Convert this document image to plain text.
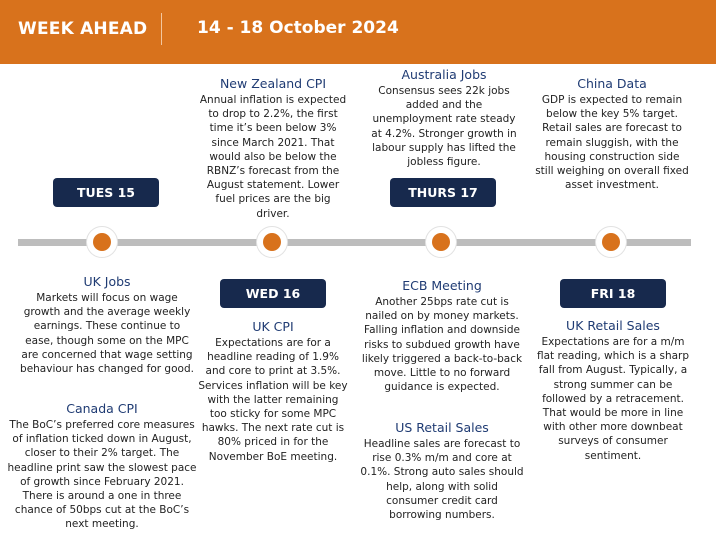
WEEK AHEAD	14 - 18 October 2024
TUES 15
WED 16
THURS 17
FRI 18
New Zealand CPI
Annual inflation is expected to drop to 2.2%, the first time it’s been below 3% since March 2021. That would also be below the RBNZ’s forecast from the August statement. Lower fuel prices are the big driver.
Australia Jobs
Consensus sees 22k jobs added and the unemployment rate steady at 4.2%. Stronger growth in labour supply has lifted the jobless figure.
China Data
GDP is expected to remain below the key 5% target. Retail sales are forecast to remain sluggish, with the housing construction side still weighing on overall fixed asset investment.
UK Jobs
Markets will focus on wage growth and the average weekly earnings. These continue to ease, though some on the MPC are concerned that wage setting behaviour has changed for good.
Canada CPI
The BoC’s preferred core measures of inflation ticked down in August, closer to their 2% target. The headline print saw the slowest pace of growth since February 2021. There is around a one in three chance of 50bps cut at the BoC’s next meeting.
UK CPI
Expectations are for a headline reading of 1.9% and core to print at 3.5%. Services inflation will be key with the latter remaining too sticky for some MPC hawks. The next rate cut is 80% priced in for the November BoE meeting.
ECB Meeting
Another 25bps rate cut is nailed on by money markets. Falling inflation and downside risks to subdued growth have likely triggered a back-to-back move. Little to no forward guidance is expected.
US Retail Sales
Headline sales are forecast to rise 0.3% m/m and core at 0.1%. Strong auto sales should help, along with solid consumer credit card borrowing numbers.
UK Retail Sales
Expectations are for a m/m flat reading, which is a sharp fall from August. Typically, a strong summer can be followed by a retracement. That would be more in line with other more downbeat surveys of consumer sentiment.
